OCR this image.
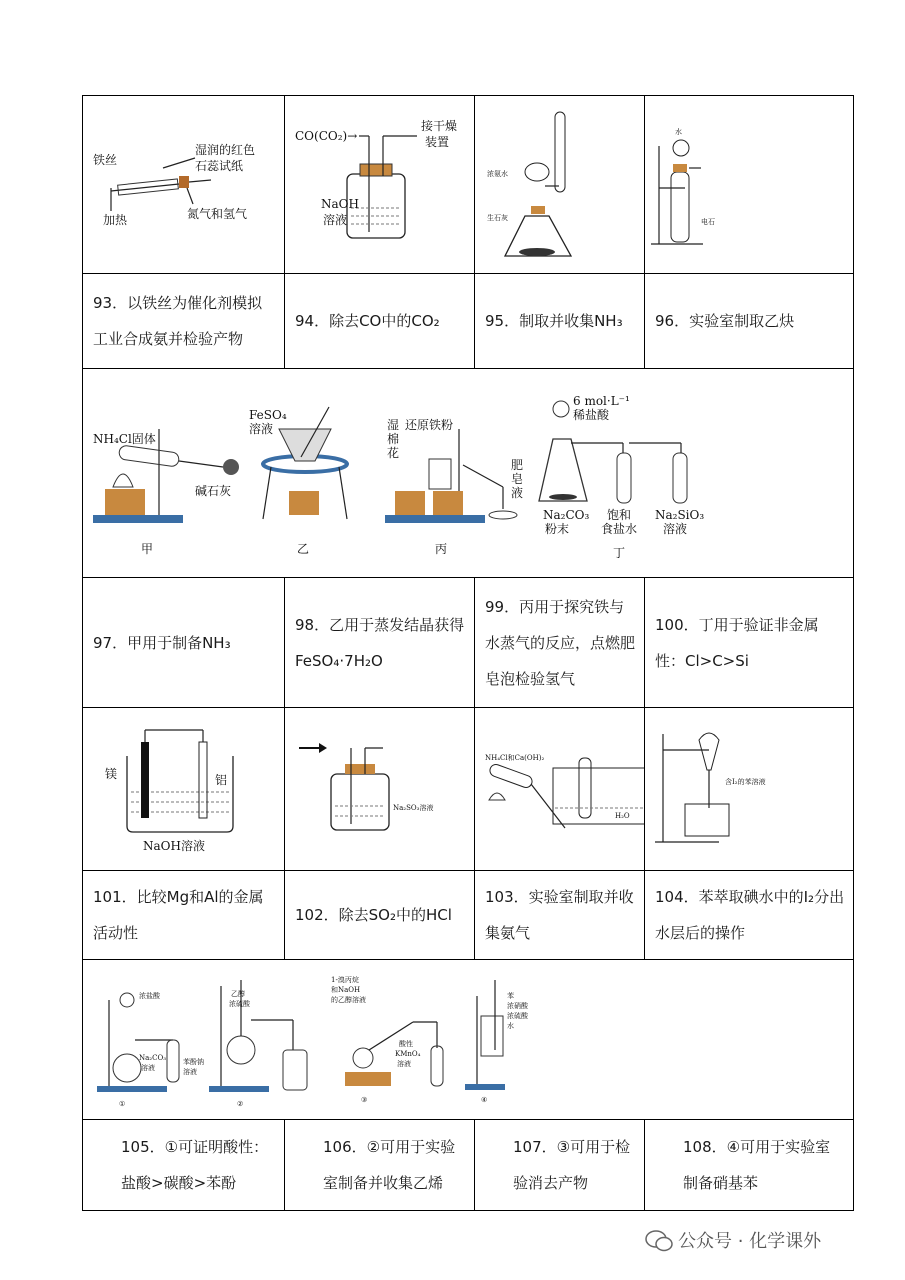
铁丝
湿润的红色
石蕊试纸
加热	氮气和氢气
CO(CO₂)→
接干燥
装置
NaOH
溶液
浓氨水
生石灰
水
电石
93．以铁丝为催化剂模拟工业合成氨并检验产物
94．除去CO中的CO₂	95．制取并收集NH₃	96．实验室制取乙炔
NH₄Cl固体
碱石灰
甲
FeSO₄
溶液
乙
湿
棉
花
还原铁粉
肥
皂
液
丙
6 mol·L⁻¹
稀盐酸
Na₂CO₃
粉末
饱和
食盐水
Na₂SiO₃
溶液
丁
97．甲用于制备NH₃
98．乙用于蒸发结晶获得FeSO₄·7H₂O
99．丙用于探究铁与水蒸气的反应，点燃肥皂泡检验氢气
100．丁用于验证非金属性：Cl>C>Si
镁	铝
NaOH溶液
Na₂SO₃溶液
NH₄Cl和Ca(OH)₂
H₂O
含I₂的苯溶液
101．比较Mg和Al的金属活动性
102．除去SO₂中的HCl
103．实验室制取并收集氨气
104．苯萃取碘水中的I₂分出水层后的操作
浓盐酸
Na₂CO₃
溶液
苯酚钠
溶液
①
乙醇
浓硫酸
②
1-溴丙烷
和NaOH
的乙醇溶液
酸性
KMnO₄
溶液
③
苯
浓硝酸
浓硫酸
水
④
105．①可证明酸性：盐酸>碳酸>苯酚
106．②可用于实验室制备并收集乙烯
107．③可用于检验消去产物
108．④可用于实验室制备硝基苯
公众号 · 化学课外
